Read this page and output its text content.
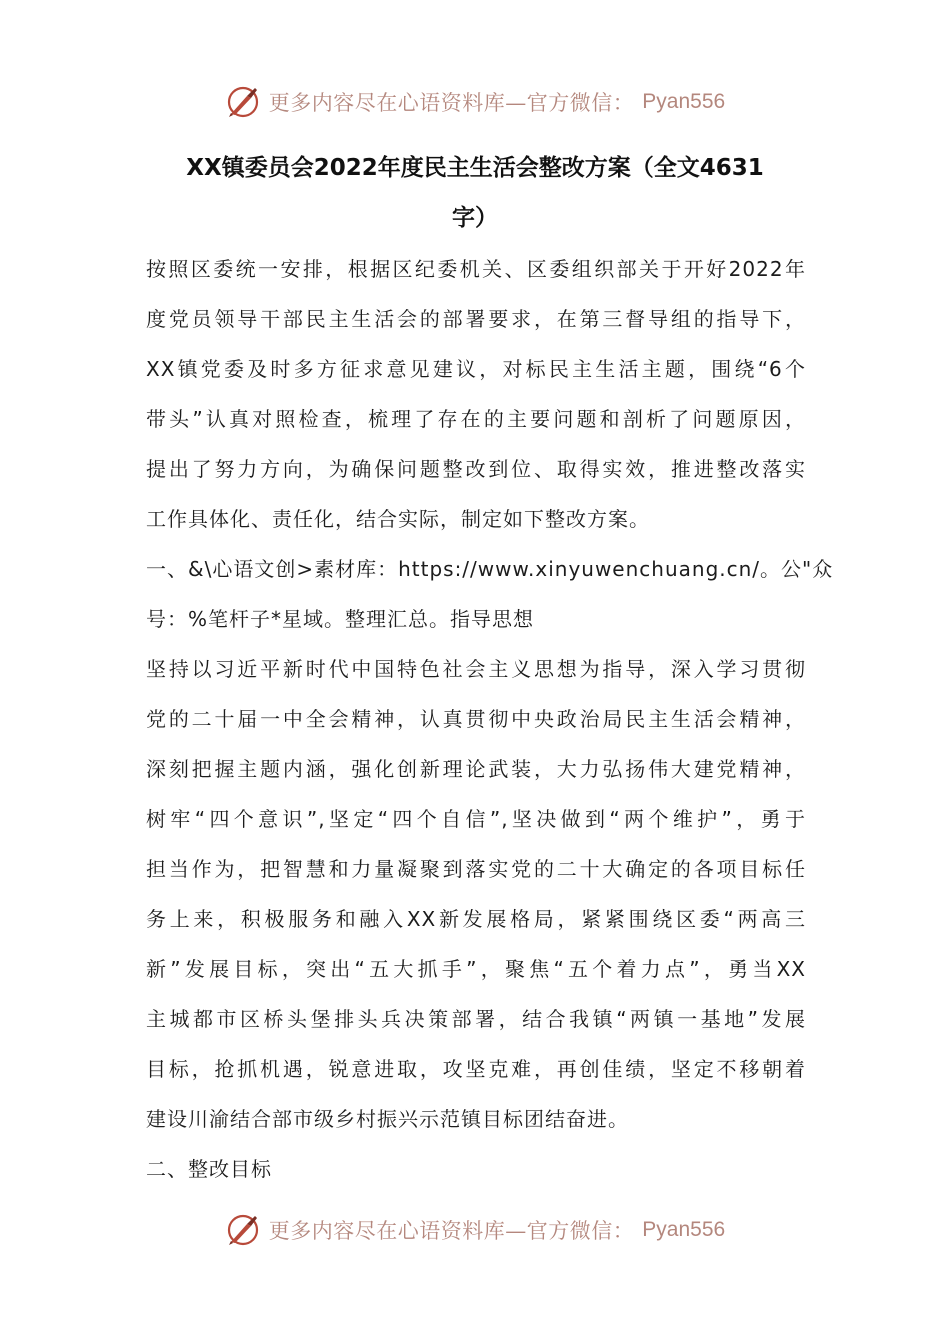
更多内容尽在心语资料库—官方微信： Pyan556
XX镇委员会2022年度民主生活会整改方案（全文4631
字）
按照区委统一安排，根据区纪委机关、区委组织部关于开好2022年
度党员领导干部民主生活会的部署要求，在第三督导组的指导下，
XX镇党委及时多方征求意见建议，对标民主生活主题，围绕“6个
带头”认真对照检查，梳理了存在的主要问题和剖析了问题原因，
提出了努力方向，为确保问题整改到位、取得实效，推进整改落实
工作具体化、责任化，结合实际，制定如下整改方案。
一、&\心语文创>素材库：https://www.xinyuwenchuang.cn/。公"众
号：%笔杆子*星域。整理汇总。指导思想
坚持以习近平新时代中国特色社会主义思想为指导，深入学习贯彻
党的二十届一中全会精神，认真贯彻中央政治局民主生活会精神，
深刻把握主题内涵，强化创新理论武装，大力弘扬伟大建党精神，
树牢“四个意识”,坚定“四个自信”,坚决做到“两个维护”，勇于
担当作为，把智慧和力量凝聚到落实党的二十大确定的各项目标任
务上来，积极服务和融入XX新发展格局，紧紧围绕区委“两高三
新”发展目标，突出“五大抓手”，聚焦“五个着力点”，勇当XX
主城都市区桥头堡排头兵决策部署，结合我镇“两镇一基地”发展
目标，抢抓机遇，锐意进取，攻坚克难，再创佳绩，坚定不移朝着
建设川渝结合部市级乡村振兴示范镇目标团结奋进。
二、整改目标
更多内容尽在心语资料库—官方微信： Pyan556
